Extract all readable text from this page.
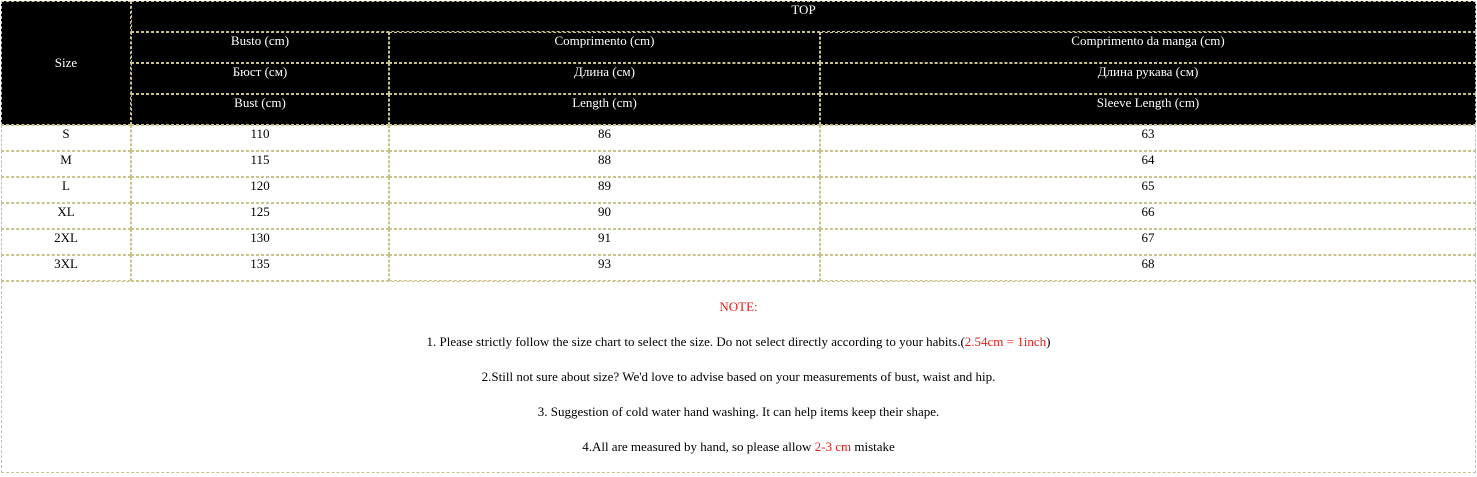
Size	TOP		
	Busto (cm)	Comprimento (cm)	Comprimento da manga (cm)
	Бюст (см)	Длина (см)	Длина рукава (см)
	Bust (cm)	Length (cm)	Sleeve Length (cm)
S	110	86	63
M	115	88	64
L	120	89	65
XL	125	90	66
2XL	130	91	67
3XL	135	93	68

NOTE:
1. Please strictly follow the size chart to select the size. Do not select directly according to your habits.(2.54cm = 1inch)
2.Still not sure about size? We'd love to advise based on your measurements of bust, waist and hip.
3. Suggestion of cold water hand washing. It can help items keep their shape.
4.All are measured by hand, so please allow 2-3 cm mistake			
